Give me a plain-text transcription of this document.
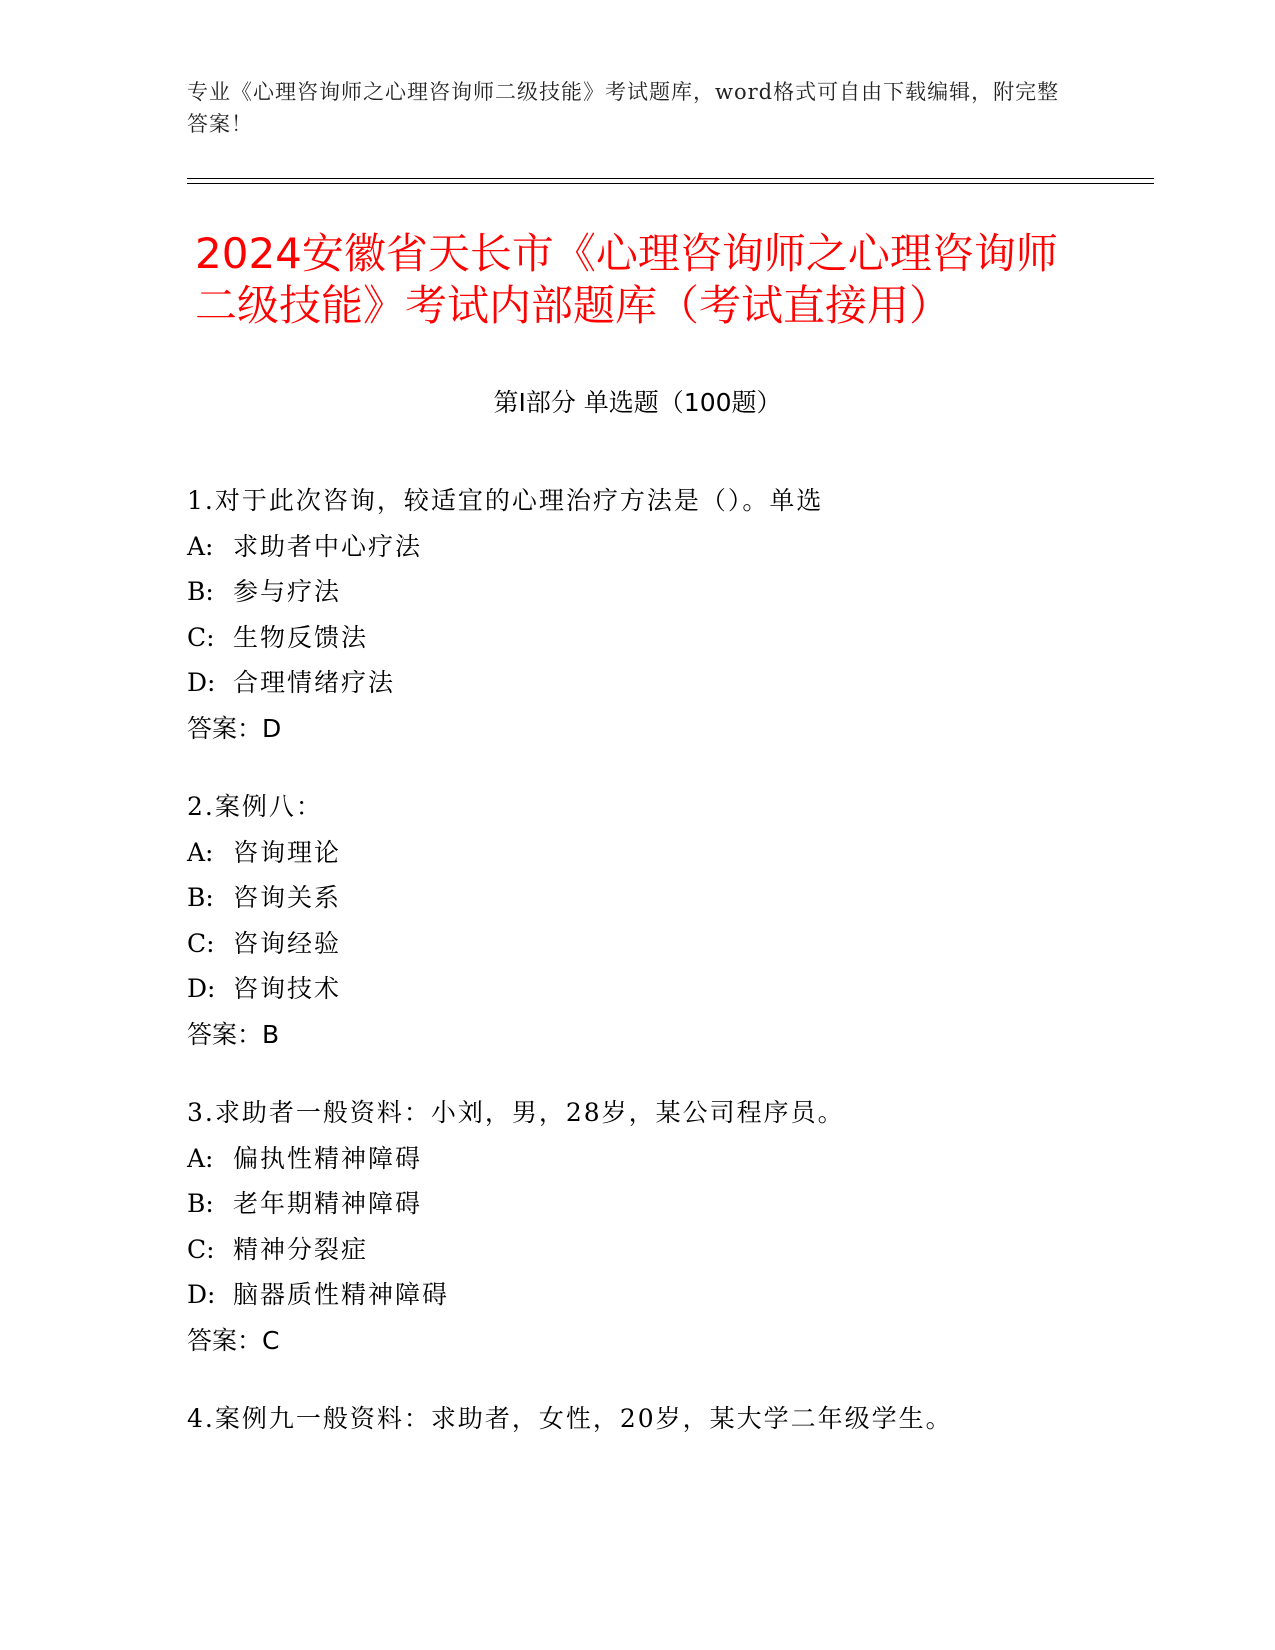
专业《心理咨询师之心理咨询师二级技能》考试题库，word格式可自由下载编辑，附完整答案！
2024安徽省天长市《心理咨询师之心理咨询师二级技能》考试内部题库（考试直接用）
第Ⅰ部分 单选题（100题）
1.对于此次咨询，较适宜的心理治疗方法是（）。单选
A: 求助者中心疗法
B: 参与疗法
C: 生物反馈法
D: 合理情绪疗法
答案：D
2.案例八：
A: 咨询理论
B: 咨询关系
C: 咨询经验
D: 咨询技术
答案：B
3.求助者一般资料：小刘，男，28岁，某公司程序员。
A: 偏执性精神障碍
B: 老年期精神障碍
C: 精神分裂症
D: 脑器质性精神障碍
答案：C
4.案例九一般资料：求助者，女性，20岁，某大学二年级学生。
